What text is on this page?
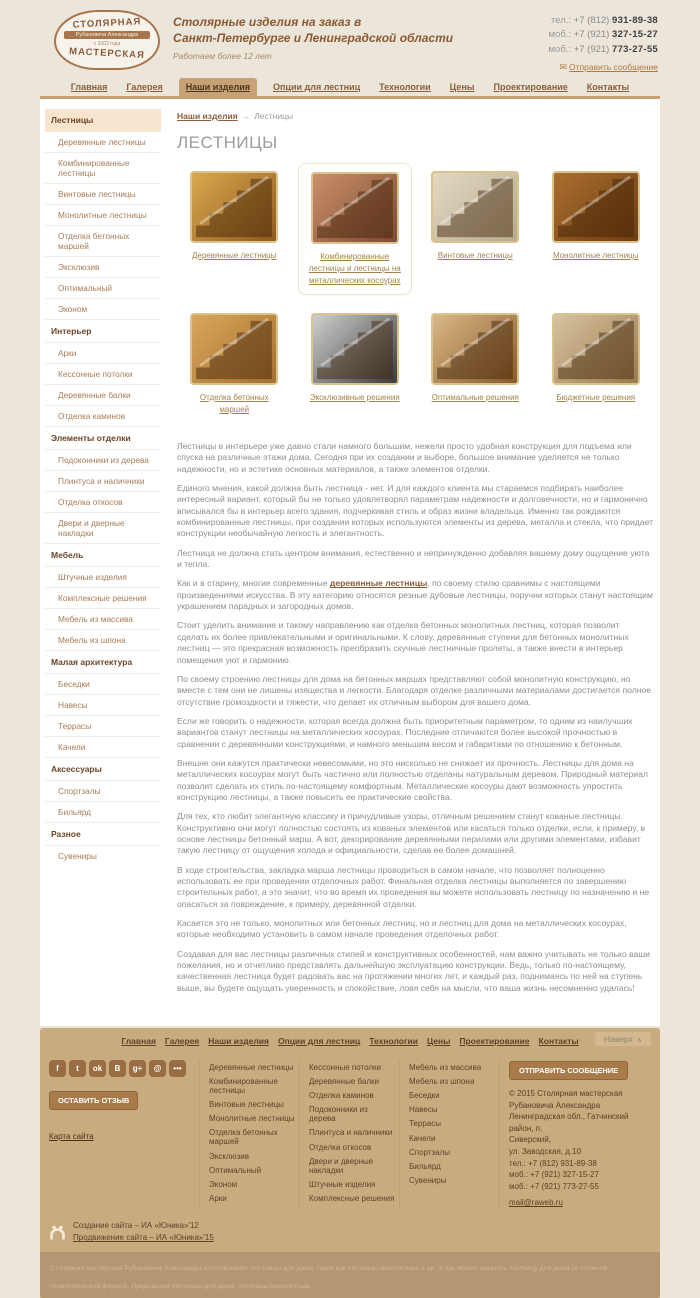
СТОЛЯРНАЯ
Рубановича Александра
с 2003 года
МАСТЕРСКАЯ
Столярные изделия на заказ в
Санкт-Петербурге и Ленинградской области
Работаем более 12 лет
тел.: +7 (812) 931-89-38
моб.: +7 (921) 327-15-27
моб.: +7 (921) 773-27-55
✉ Отправить сообщение
Главная	Галерея	Наши изделия	Опции для лестниц	Технологии	Цены	Проектирование	Контакты
Лестницы
Деревянные лестницы
Комбинированные лестницы
Винтовые лестницы
Монолитные лестницы
Отделка бетонных маршей
Эксклюзив
Оптимальный
Эконом
Интерьер
Арки
Кессонные потолки
Деревянные балки
Отделка каминов
Элементы отделки
Подоконники из дерева
Плинтуса и наличники
Отделка откосов
Двери и дверные накладки
Мебель
Штучные изделия
Комплексные решения
Мебель из массива
Мебель из шпона
Малая архитектура
Беседки
Навесы
Террасы
Качели
Аксессуары
Спортзалы
Бильярд
Разное
Сувениры
Наши изделия → Лестницы
ЛЕСТНИЦЫ
Деревянные лестницы	Комбинированные лестницы и лестницы на металлических косоурах
Винтовые лестницы	Монолитные лестницы
Отделка бетонных маршей
Эксклюзивные решения	Оптимальные решения	Бюджетные решения

Лестницы в интерьере уже давно стали намного большим, нежели просто удобная конструкция для подъема или спуска на различные этажи дома. Сегодня при их создании и выборе, большое внимание уделяется не только надежности, но и эстетике основных материалов, а также элементов отделки.

Единого мнения, какой должна быть лестница - нет. И для каждого клиента мы стараемся подбирать наиболее интересный вариант, который бы не только удовлетворял параметрам надежности и долговечности, но и гармонично вписывался бы в интерьер всего здания, подчеркивая стиль и образ жизни владельца. Именно так рождаются комбинированные лестницы, при создании которых используются элементы из дерева, металла и стекла, что придает конструкции необычайную легкость и элегантность.

Лестница не должна стать центром внимания, естественно и непринужденно добавляя вашему дому ощущение уюта и тепла.

Как и в старину, многие современные деревянные лестницы, по своему стилю сравнимы с настоящими произведениями искусства. В эту категорию относятся резные дубовые лестницы, поручни которых станут настоящим украшением парадных и загородных домов.

Стоит уделить внимание и такому направлению как отделка бетонных монолитных лестниц, которая позволит сделать их более привлекательными и оригинальными. К слову, деревянные ступени для бетонных монолитных лестниц — это прекрасная возможность преобразить скучные лестничные пролеты, а также внести в интерьер помещения уют и гармонию.

По своему строению лестницы для дома на бетонных маршах представляют собой монолитную конструкцию, но вместе с тем они не лишены изящества и легкости. Благодаря отделке различными материалами достигается полное отсутствие громоздкости и тяжести, что делает их отличным выбором для вашего дома.

Если же говорить о надежности, которая всегда должна быть приоритетным параметром, то одним из наилучших вариантов станут лестницы на металлических косоурах. Последние отличаются более высокой прочностью в сравнении с деревянными конструкциями, и намного меньшим весом и габаритами по отношению к бетонным.

Внешне они кажутся практически невесомыми, но это нисколько не снижает их прочность. Лестницы для дома на металлических косоурах могут быть частично или полностью отделаны натуральным деревом. Природный материал позволит сделать их стиль по-настоящему комфортным. Металлические косоуры дают возможность упростить конструкцию лестницы, а также повысить ее практические свойства.

Для тех, кто любит элегантную классику и причудливые узоры, отличным решением станут кованые лестницы. Конструктивно они могут полностью состоять из кованых элементов или касаться только отделки, если, к примеру, в основе лестницы бетонный марш. А вот, декорирование деревянными перилами или другими элементами, избавит такую лестницу от ощущения холода и официальности, сделав ее более домашней.

В ходе строительства, закладка марша лестницы проводиться в самом начале, что позволяет полноценно использовать ее при проведении отделочных работ. Финальная отделка лестницы выполняется по завершению строительных работ, а это значит, что во время их проведения вы можете использовать лестницу по назначению и не опасаться за повреждение, к примеру, деревянной отделки.

Касается это не только, монолитных или бетонных лестниц, но и лестниц для дома на металлических косоурах, которые необходимо установить в самом начале проведения отделочных работ.

Создавая для вас лестницы различных стилей и конструктивных особенностей, нам важно учитывать не только ваши пожелания, но и отчетливо представлять дальнейшую эксплуатацию конструкции. Ведь, только по-настоящему, качественная лестница будет радовать вас на протяжении многих лет, и каждый раз, поднимаясь по ней на ступень выше, вы будете ощущать уверенность и спокойствие, ловя себя на мысли, что ваша жизнь несомненно удалась!

Главная Галерея Наши изделия Опции для лестниц Технологии Цены Проектирование Контакты	Наверх ∧
f	t	ok	B	g+	@	•••
ОСТАВИТЬ ОТЗЫВ
Карта сайта
Деревянные лестницы
Комбинированные лестницы
Винтовые лестницы
Монолитные лестницы
Отделка бетонных маршей
Эксклюзив
Оптимальный
Эконом
Арки
Кессонные потолки
Деревянные балки
Отделка каминов
Подоконники из дерева
Плинтуса и наличники
Отделка откосов
Двери и дверные накладки
Штучные изделия
Комплексные решения
Мебель из массива
Мебель из шпона
Беседки
Навесы
Террасы
Качели
Спортзалы
Бильярд
Сувениры
ОТПРАВИТЬ СООБЩЕНИЕ
© 2015 Столярная мастерская
Рубановича Александра
Ленинградская обл., Гатчинский район, п.
Сиверский,
ул. Заводская, д.10
тел.: +7 (812) 931-89-38
моб.: +7 (921) 327-15-27
моб.: +7 (921) 773-27-55
mail@raweb.ru
Создание сайта – ИА «Юника»'12
Продвижение сайта – ИА «Юника»'15
Столярная мастерская Рубановича Александра изготавливает лестницы для дома, такие как лестницы монолитные и др. У нас можно заказать лестницу для дома со сложной геометрической формой. Предлагаем лестницы для дома, лестницы монолитные.
